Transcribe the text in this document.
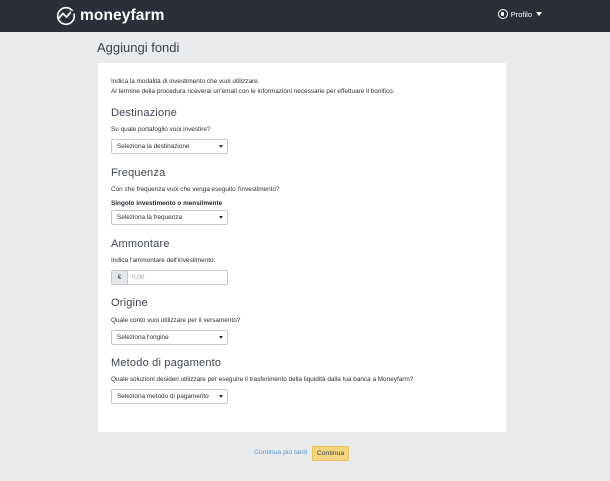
moneyfarm	Profilo
Aggiungi fondi
Indica la modalità di investimento che vuoi utilizzare.
Al termine della procedura riceverai un'email con le informazioni necessarie per effettuare il bonifico.
Destinazione
Su quale portafoglio vuoi investire?
Seleziona la destinazione
Frequenza
Con che frequenza vuoi che venga eseguito l'investimento?
Singolo investimento o mensilmente
Seleziona la frequenza
Ammontare
Indica l'ammontare dell'investimento.
€
0,00
Origine
Quale conto vuoi utilizzare per il versamento?
Seleziona l'origine
Metodo di pagamento
Quale soluzioni desideri utilizzare per eseguire il trasferimento della liquidità dalla tua banca a Moneyfarm?
Seleziona metodo di pagamento
Continua più tardi	Continua
